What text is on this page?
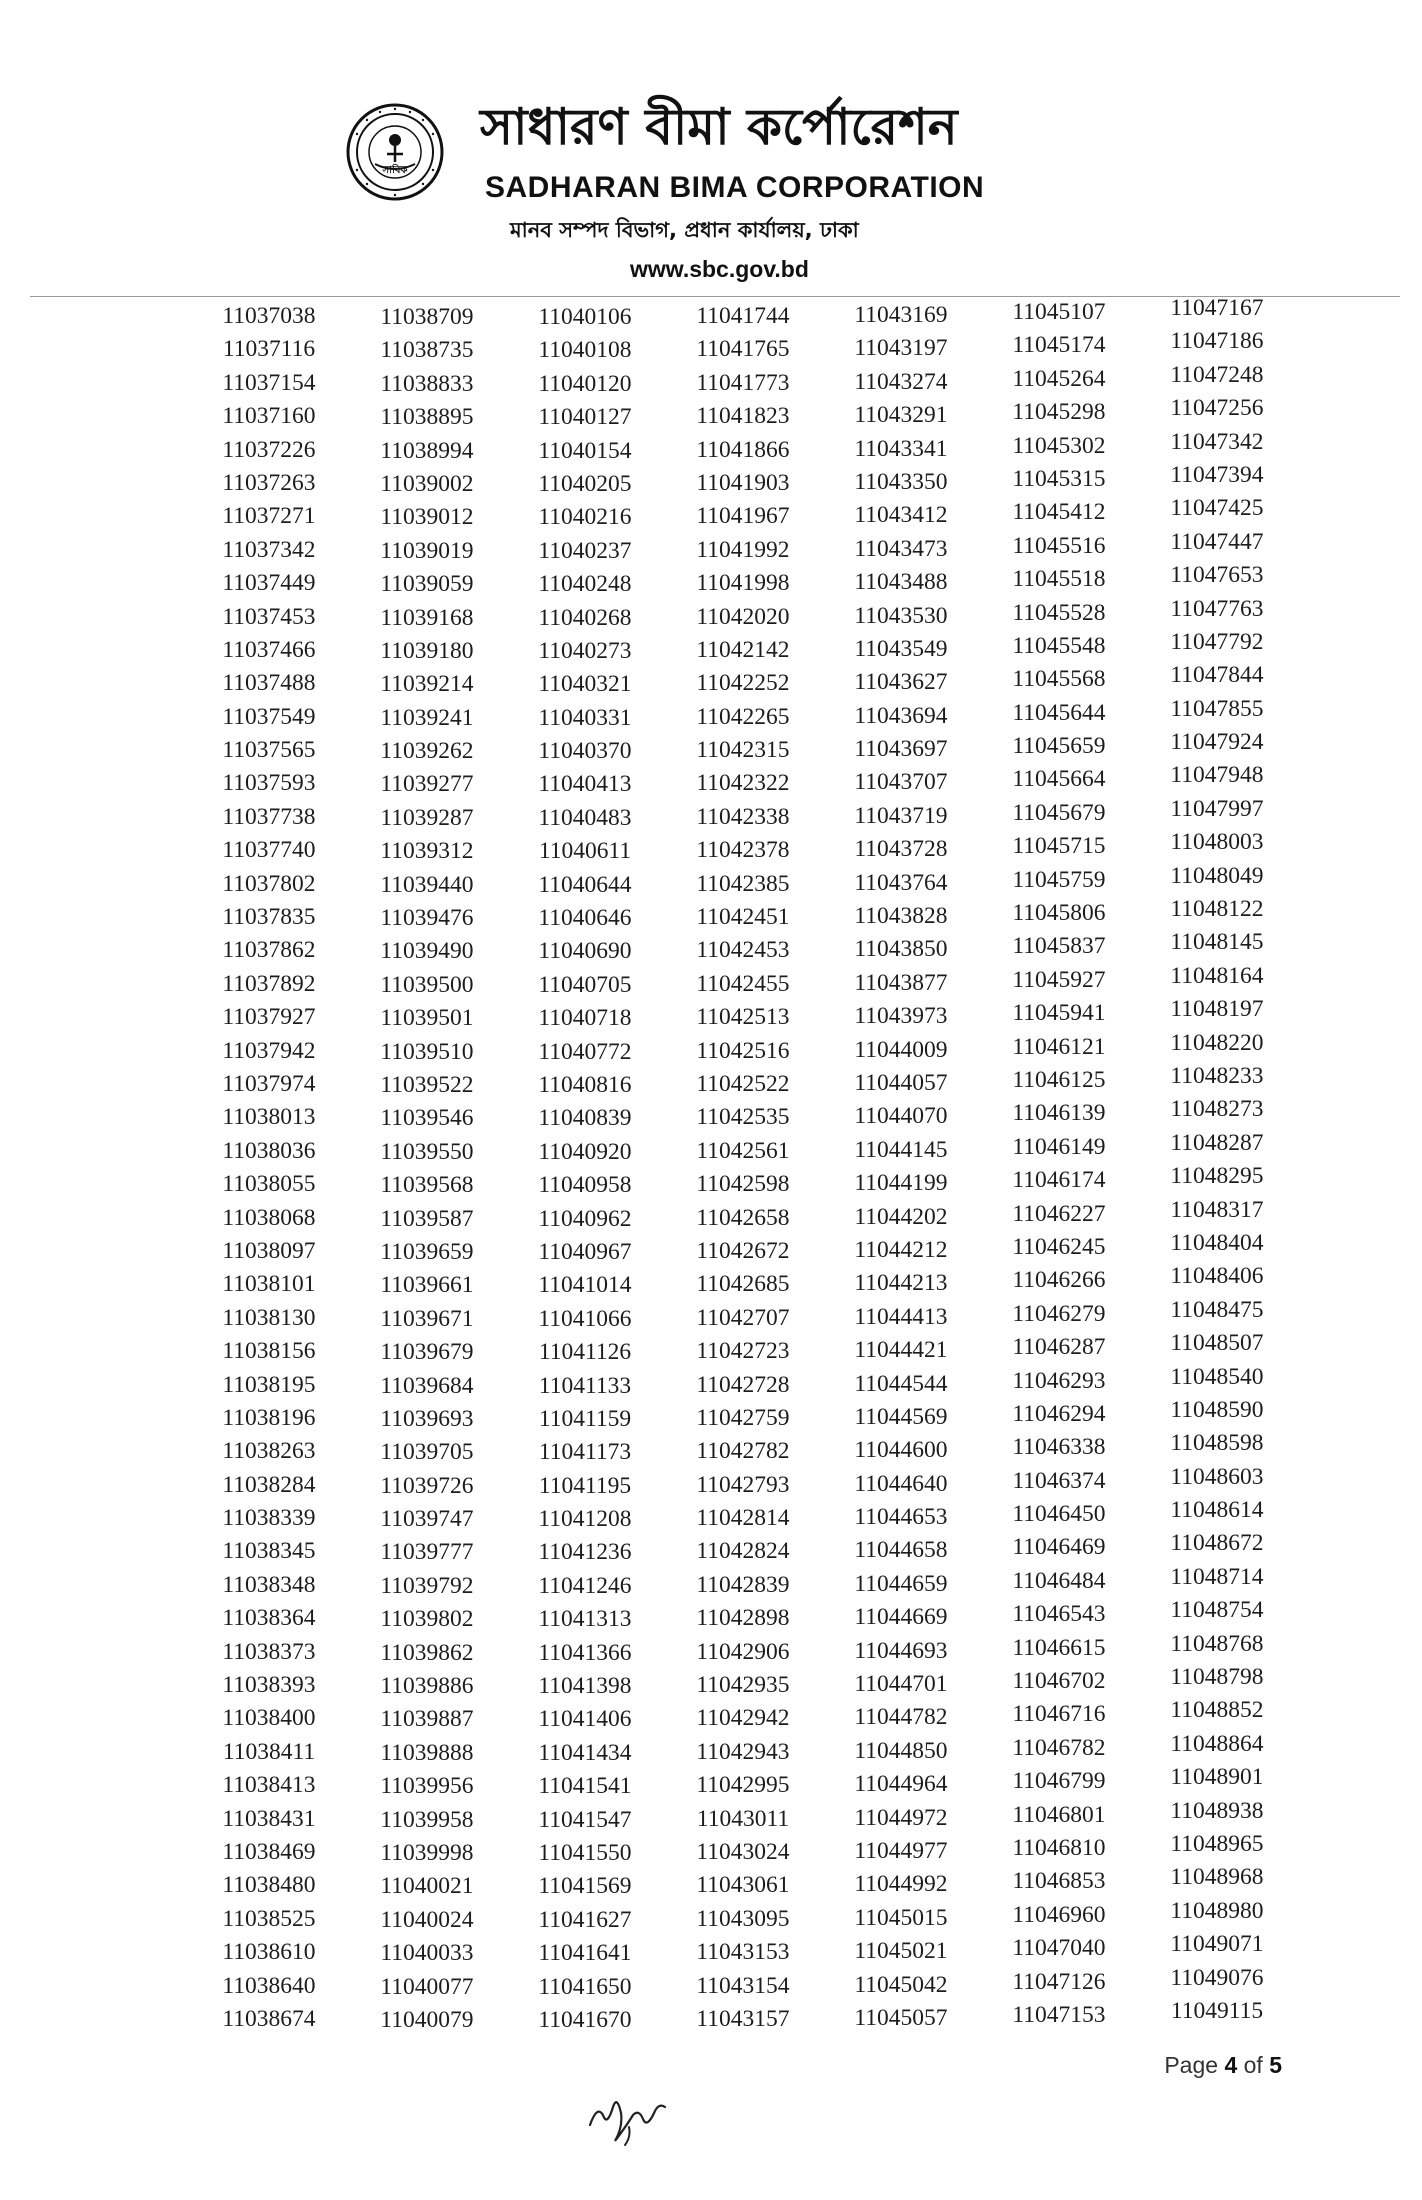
সাবিক
সাধারণ বীমা কর্পোরেশন
SADHARAN BIMA CORPORATION
মানব সম্পদ বিভাগ, প্রধান কার্যালয়, ঢাকা
www.sbc.gov.bd
11037038
11037116
11037154
11037160
11037226
11037263
11037271
11037342
11037449
11037453
11037466
11037488
11037549
11037565
11037593
11037738
11037740
11037802
11037835
11037862
11037892
11037927
11037942
11037974
11038013
11038036
11038055
11038068
11038097
11038101
11038130
11038156
11038195
11038196
11038263
11038284
11038339
11038345
11038348
11038364
11038373
11038393
11038400
11038411
11038413
11038431
11038469
11038480
11038525
11038610
11038640
11038674
11038709
11038735
11038833
11038895
11038994
11039002
11039012
11039019
11039059
11039168
11039180
11039214
11039241
11039262
11039277
11039287
11039312
11039440
11039476
11039490
11039500
11039501
11039510
11039522
11039546
11039550
11039568
11039587
11039659
11039661
11039671
11039679
11039684
11039693
11039705
11039726
11039747
11039777
11039792
11039802
11039862
11039886
11039887
11039888
11039956
11039958
11039998
11040021
11040024
11040033
11040077
11040079
11040106
11040108
11040120
11040127
11040154
11040205
11040216
11040237
11040248
11040268
11040273
11040321
11040331
11040370
11040413
11040483
11040611
11040644
11040646
11040690
11040705
11040718
11040772
11040816
11040839
11040920
11040958
11040962
11040967
11041014
11041066
11041126
11041133
11041159
11041173
11041195
11041208
11041236
11041246
11041313
11041366
11041398
11041406
11041434
11041541
11041547
11041550
11041569
11041627
11041641
11041650
11041670
11041744
11041765
11041773
11041823
11041866
11041903
11041967
11041992
11041998
11042020
11042142
11042252
11042265
11042315
11042322
11042338
11042378
11042385
11042451
11042453
11042455
11042513
11042516
11042522
11042535
11042561
11042598
11042658
11042672
11042685
11042707
11042723
11042728
11042759
11042782
11042793
11042814
11042824
11042839
11042898
11042906
11042935
11042942
11042943
11042995
11043011
11043024
11043061
11043095
11043153
11043154
11043157
11043169
11043197
11043274
11043291
11043341
11043350
11043412
11043473
11043488
11043530
11043549
11043627
11043694
11043697
11043707
11043719
11043728
11043764
11043828
11043850
11043877
11043973
11044009
11044057
11044070
11044145
11044199
11044202
11044212
11044213
11044413
11044421
11044544
11044569
11044600
11044640
11044653
11044658
11044659
11044669
11044693
11044701
11044782
11044850
11044964
11044972
11044977
11044992
11045015
11045021
11045042
11045057
11045107
11045174
11045264
11045298
11045302
11045315
11045412
11045516
11045518
11045528
11045548
11045568
11045644
11045659
11045664
11045679
11045715
11045759
11045806
11045837
11045927
11045941
11046121
11046125
11046139
11046149
11046174
11046227
11046245
11046266
11046279
11046287
11046293
11046294
11046338
11046374
11046450
11046469
11046484
11046543
11046615
11046702
11046716
11046782
11046799
11046801
11046810
11046853
11046960
11047040
11047126
11047153
11047167
11047186
11047248
11047256
11047342
11047394
11047425
11047447
11047653
11047763
11047792
11047844
11047855
11047924
11047948
11047997
11048003
11048049
11048122
11048145
11048164
11048197
11048220
11048233
11048273
11048287
11048295
11048317
11048404
11048406
11048475
11048507
11048540
11048590
11048598
11048603
11048614
11048672
11048714
11048754
11048768
11048798
11048852
11048864
11048901
11048938
11048965
11048968
11048980
11049071
11049076
11049115
Page 4 of 5
